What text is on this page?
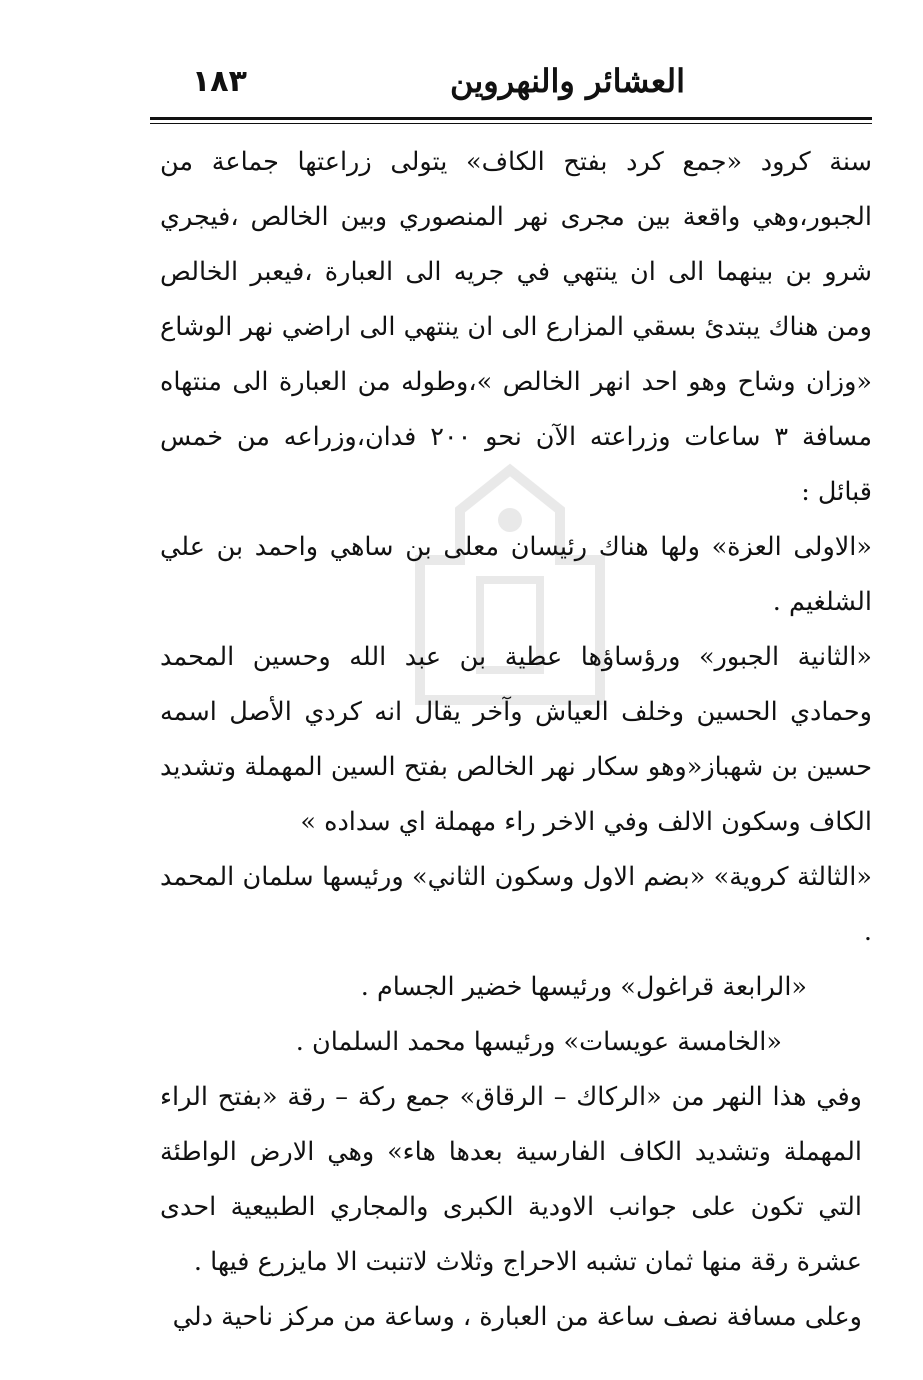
١٨٣	العشائر والنهروين

سنة كرود «جمع كرد بفتح الكاف» يتولى زراعتها جماعة من الجبور،وهي واقعة بين مجرى نهر المنصوري وبين الخالص ،فيجري شرو بن بينهما الى ان ينتهي في جريه الى العبارة ،فيعبر الخالص ومن هناك يبتدئ بسقي المزارع الى ان ينتهي الى اراضي نهر الوشاع «وزان وشاح وهو احد انهر الخالص »،وطوله من العبارة الى منتهاه مسافة ٣ ساعات وزراعته الآن نحو ٢٠٠ فدان،وزراعه من خمس قبائل :

«الاولى العزة» ولها هناك رئيسان معلى بن ساهي واحمد بن علي الشلغيم .

«الثانية الجبور» ورؤساؤها عطية بن عبد الله وحسين المحمد وحمادي الحسين وخلف العياش وآخر يقال انه كردي الأصل اسمه حسين بن شهباز«وهو سكار نهر الخالص بفتح السين المهملة وتشديد الكاف وسكون الالف وفي الاخر راء مهملة اي سداده »

«الثالثة كروية» «بضم الاول وسكون الثاني» ورئيسها سلمان المحمد .

«الرابعة قراغول» ورئيسها خضير الجسام .

«الخامسة عويسات» ورئيسها محمد السلمان .

وفي هذا النهر من «الركاك – الرقاق» جمع ركة – رقة «بفتح الراء المهملة وتشديد الكاف الفارسية بعدها هاء» وهي الارض الواطئة التي تكون على جوانب الاودية الكبرى والمجاري الطبيعية احدى عشرة رقة منها ثمان تشبه الاحراج وثلاث لاتنبت الا مايزرع فيها .

وعلى مسافة نصف ساعة من العبارة ، وساعة من مركز ناحية دلي
